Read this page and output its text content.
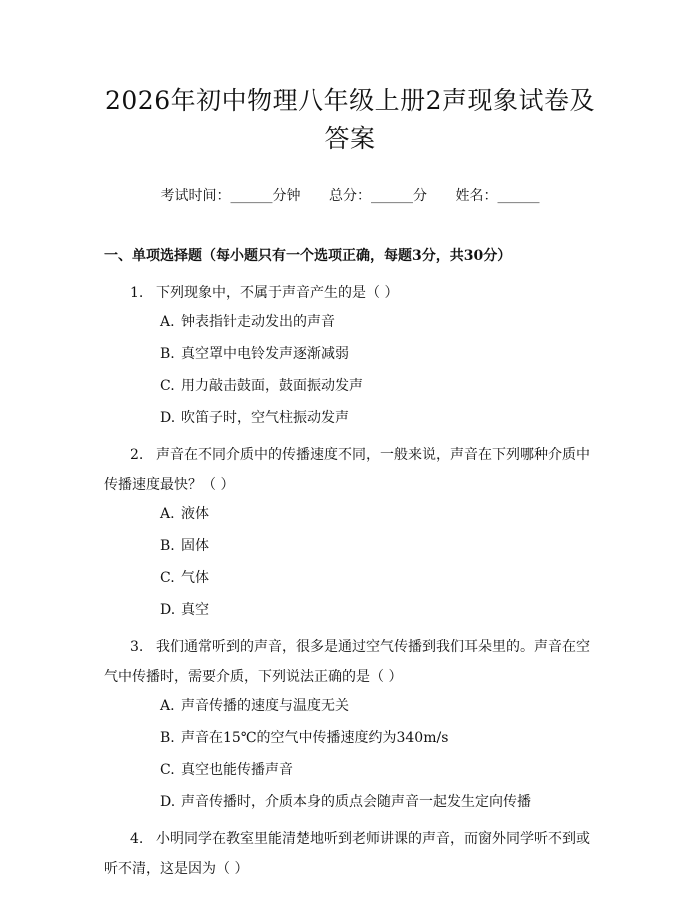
2026年初中物理八年级上册2声现象试卷及答案
考试时间：______分钟 总分：______分 姓名：______
一、单项选择题（每小题只有一个选项正确，每题3分，共30分）
1. 下列现象中，不属于声音产生的是（ ）
A. 钟表指针走动发出的声音
B. 真空罩中电铃发声逐渐减弱
C. 用力敲击鼓面，鼓面振动发声
D. 吹笛子时，空气柱振动发声
2. 声音在不同介质中的传播速度不同，一般来说，声音在下列哪种介质中传播速度最快？（ ）
A. 液体
B. 固体
C. 气体
D. 真空
3. 我们通常听到的声音，很多是通过空气传播到我们耳朵里的。声音在空气中传播时，需要介质，下列说法正确的是（ ）
A. 声音传播的速度与温度无关
B. 声音在15℃的空气中传播速度约为340m/s
C. 真空也能传播声音
D. 声音传播时，介质本身的质点会随声音一起发生定向传播
4. 小明同学在教室里能清楚地听到老师讲课的声音，而窗外同学听不到或听不清，这是因为（ ）
